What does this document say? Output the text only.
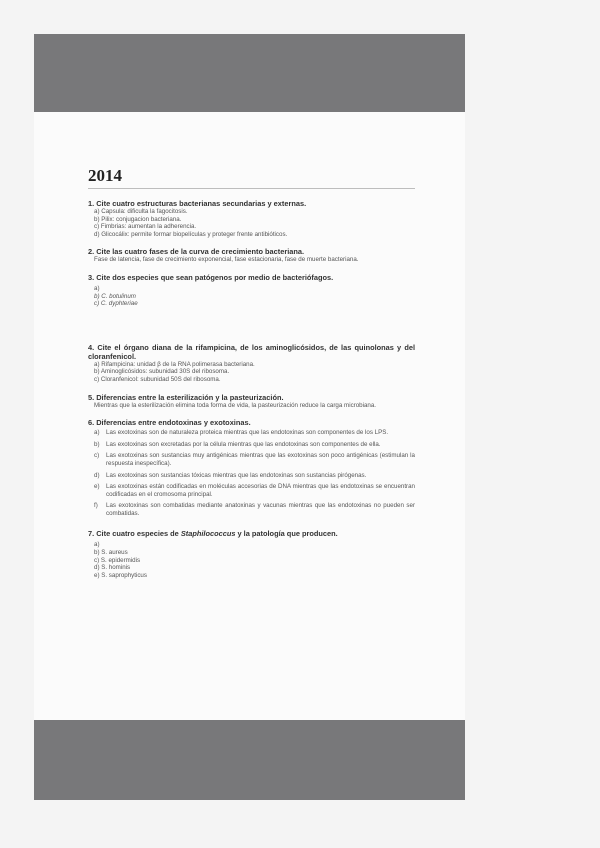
2014
1. Cite cuatro estructuras bacterianas secundarias y externas.
a) Capsula: dificulta la fagocitosis.
b) Pilix: conjugacion bacteriana.
c) Fimbrias: aumentan la adherencia.
d) Glicocálix: permite formar biopelículas y proteger frente antibióticos.
2. Cite las cuatro fases de la curva de crecimiento bacteriana.
Fase de latencia, fase de crecimiento exponencial, fase estacionaria, fase de muerte bacteriana.
3. Cite dos especies que sean patógenos por medio de bacteriófagos.
a)
b) C. botulinum
c) C. dyphteriae
4. Cite el órgano diana de la rifampicina, de los aminoglicósidos, de las quinolonas y del cloranfenicol.
a) Rifampicina: unidad β de la RNA polimerasa bacteriana.
b) Aminoglicósidos: subunidad 30S del ribosoma.
c) Cloranfenicol: subunidad 50S del ribosoma.
5. Diferencias entre la esterilización y la pasteurización.
Mientras que la esterilización elimina toda forma de vida, la pasteurización reduce la carga microbiana.
6. Diferencias entre endotoxinas y exotoxinas.
a)	Las exotoxinas son de naturaleza proteica mientras que las endotoxinas son componentes de los LPS.
b)	Las exotoxinas son excretadas por la célula mientras que las endotoxinas son componentes de ella.
c)	Las exotoxinas son sustancias muy antigénicas mientras que las exotoxinas son poco antigénicas (estimulan la respuesta inespecífica).
d)	Las exotoxinas son sustancias tóxicas mientras que las endotoxinas son sustancias pirógenas.
e)	Las exotoxinas están codificadas en moléculas accesorias de DNA mientras que las endotoxinas se encuentran codificadas en el cromosoma principal.
f)	Las exotoxinas son combatidas mediante anatoxinas y vacunas mientras que las endotoxinas no pueden ser combatidas.
7. Cite cuatro especies de Staphilococcus y la patología que producen.
a)
b) S. aureus
c) S. epidermidis
d) S. hominis
e) S. saprophyticus
